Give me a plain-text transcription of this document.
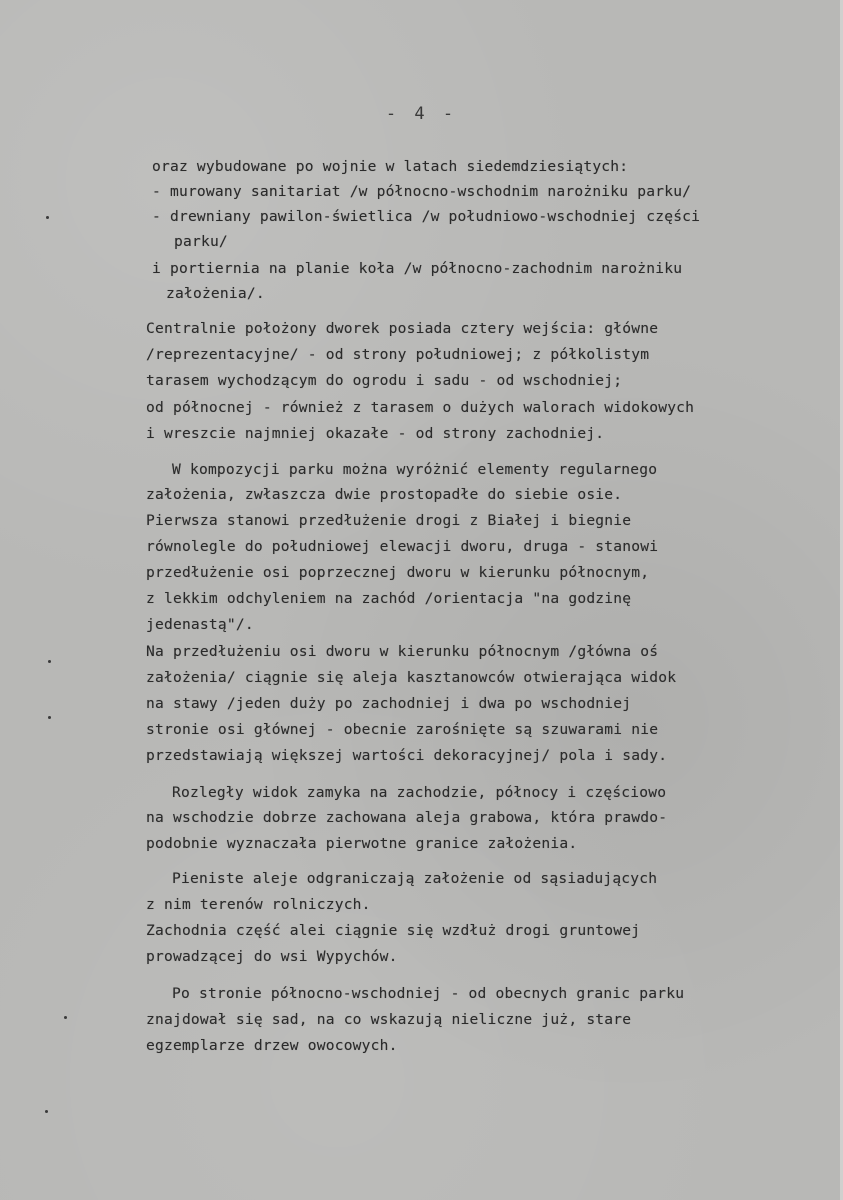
- 4 -
oraz wybudowane po wojnie w latach siedemdziesiątych:
- murowany sanitariat /w północno-wschodnim narożniku parku/
- drewniany pawilon-świetlica /w południowo-wschodniej części
parku/
i portiernia na planie koła /w północno-zachodnim narożniku
założenia/.
Centralnie położony dworek posiada cztery wejścia: główne
/reprezentacyjne/ - od strony południowej; z półkolistym
tarasem wychodzącym do ogrodu i sadu - od wschodniej;
od północnej - również z tarasem o dużych walorach widokowych
i wreszcie najmniej okazałe - od strony zachodniej.
W kompozycji parku można wyróżnić elementy regularnego
założenia, zwłaszcza dwie prostopadłe do siebie osie.
Pierwsza stanowi przedłużenie drogi z Białej i biegnie
równolegle do południowej elewacji dworu, druga - stanowi
przedłużenie osi poprzecznej dworu w kierunku północnym,
z lekkim odchyleniem na zachód /orientacja "na godzinę
jedenastą"/.
Na przedłużeniu osi dworu w kierunku północnym /główna oś
założenia/ ciągnie się aleja kasztanowców otwierająca widok
na stawy /jeden duży po zachodniej i dwa po wschodniej
stronie osi głównej - obecnie zarośnięte są szuwarami nie
przedstawiają większej wartości dekoracyjnej/ pola i sady.
Rozległy widok zamyka na zachodzie, północy i częściowo
na wschodzie dobrze zachowana aleja grabowa, która prawdo-
podobnie wyznaczała pierwotne granice założenia.
Pieniste aleje odgraniczają założenie od sąsiadujących
z nim terenów rolniczych.
Zachodnia część alei ciągnie się wzdłuż drogi gruntowej
prowadzącej do wsi Wypychów.
Po stronie północno-wschodniej - od obecnych granic parku
znajdował się sad, na co wskazują nieliczne już, stare
egzemplarze drzew owocowych.
